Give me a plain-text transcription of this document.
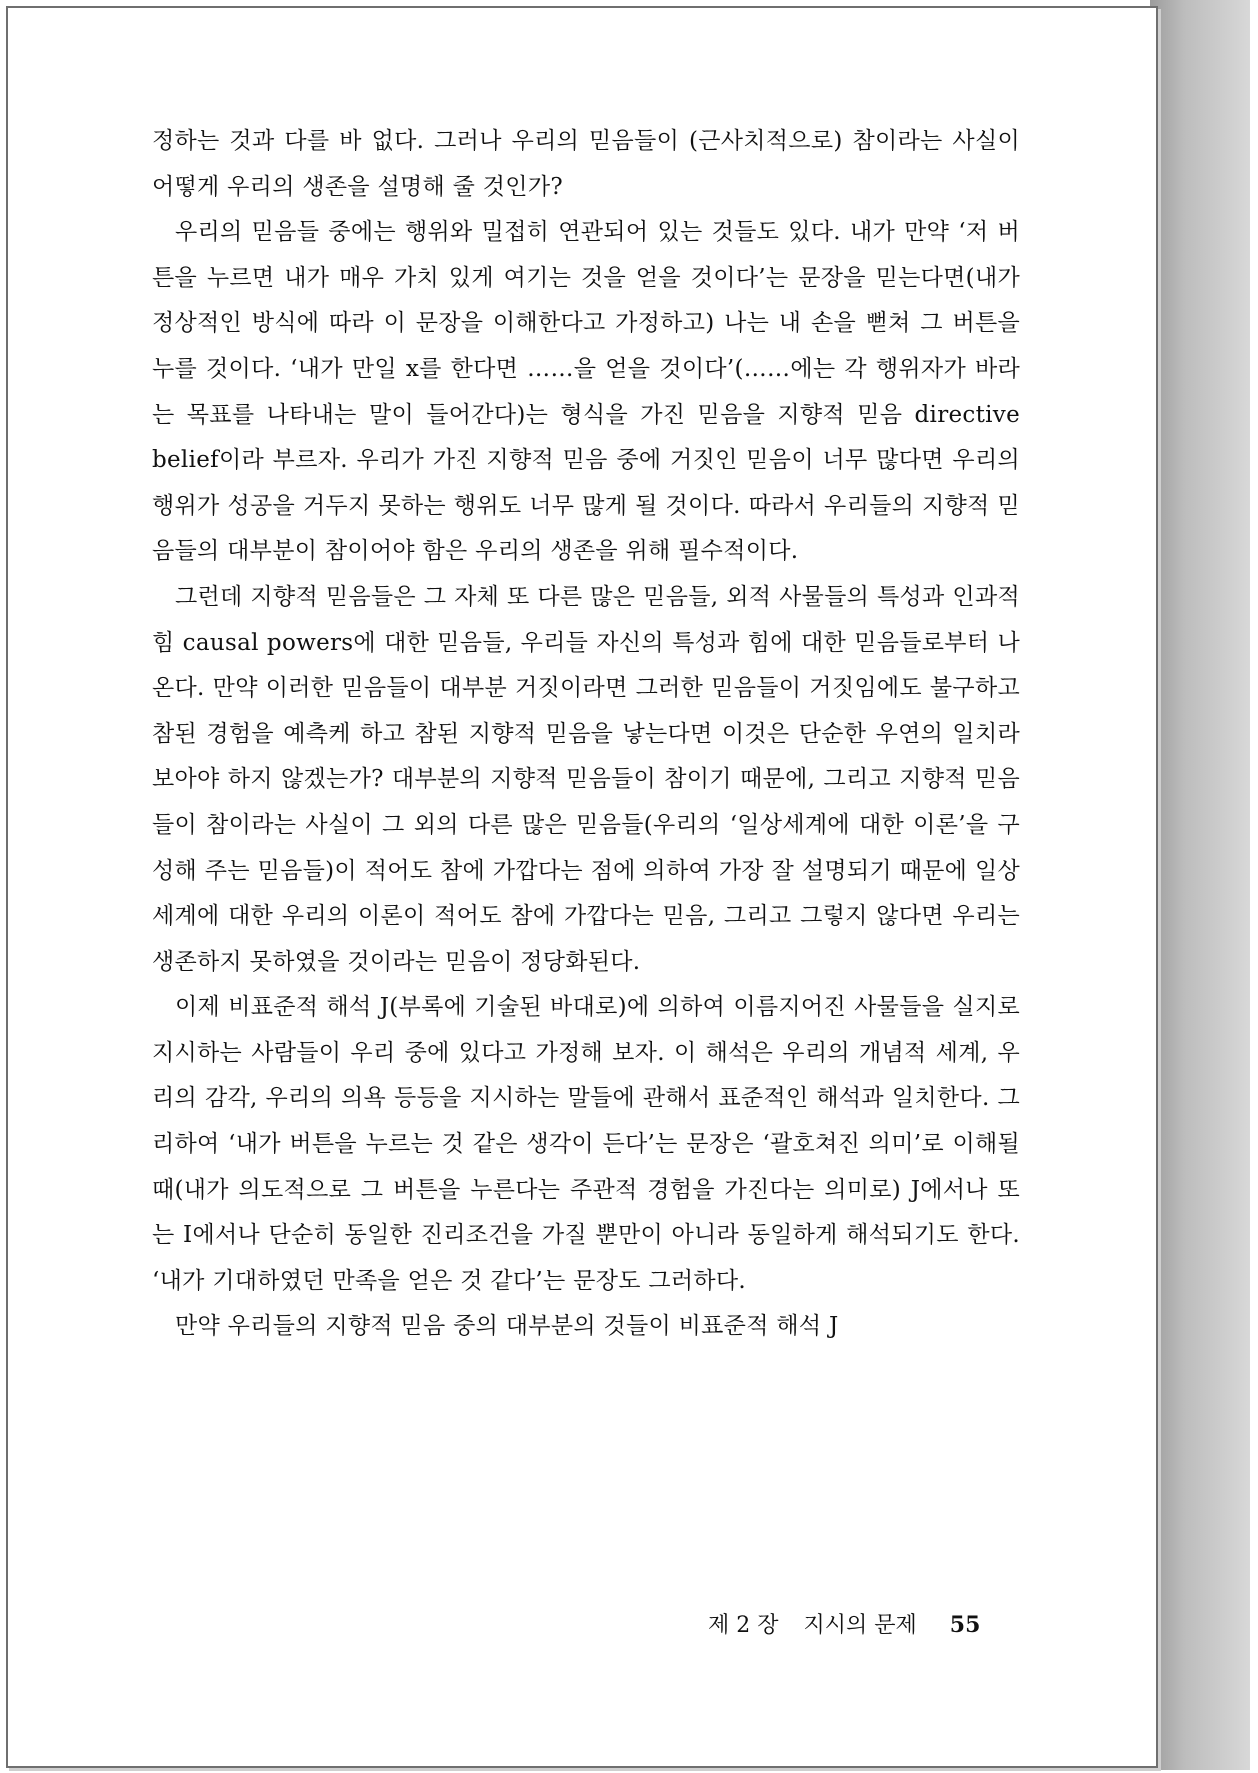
정하는 것과 다를 바 없다. 그러나 우리의 믿음들이 (근사치적으로) 참이라는 사실이 어떻게 우리의 생존을 설명해 줄 것인가?

우리의 믿음들 중에는 행위와 밀접히 연관되어 있는 것들도 있다. 내가 만약 ‘저 버튼을 누르면 내가 매우 가치 있게 여기는 것을 얻을 것이다’는 문장을 믿는다면(내가 정상적인 방식에 따라 이 문장을 이해한다고 가정하고) 나는 내 손을 뻗쳐 그 버튼을 누를 것이다. ‘내가 만일 x를 한다면 ……을 얻을 것이다’(……에는 각 행위자가 바라는 목표를 나타내는 말이 들어간다)는 형식을 가진 믿음을 지향적 믿음 directive belief이라 부르자. 우리가 가진 지향적 믿음 중에 거짓인 믿음이 너무 많다면 우리의 행위가 성공을 거두지 못하는 행위도 너무 많게 될 것이다. 따라서 우리들의 지향적 믿음들의 대부분이 참이어야 함은 우리의 생존을 위해 필수적이다.

그런데 지향적 믿음들은 그 자체 또 다른 많은 믿음들, 외적 사물들의 특성과 인과적 힘 causal powers에 대한 믿음들, 우리들 자신의 특성과 힘에 대한 믿음들로부터 나온다. 만약 이러한 믿음들이 대부분 거짓이라면 그러한 믿음들이 거짓임에도 불구하고 참된 경험을 예측케 하고 참된 지향적 믿음을 낳는다면 이것은 단순한 우연의 일치라 보아야 하지 않겠는가? 대부분의 지향적 믿음들이 참이기 때문에, 그리고 지향적 믿음들이 참이라는 사실이 그 외의 다른 많은 믿음들(우리의 ‘일상세계에 대한 이론’을 구성해 주는 믿음들)이 적어도 참에 가깝다는 점에 의하여 가장 잘 설명되기 때문에 일상세계에 대한 우리의 이론이 적어도 참에 가깝다는 믿음, 그리고 그렇지 않다면 우리는 생존하지 못하였을 것이라는 믿음이 정당화된다.

이제 비표준적 해석 J(부록에 기술된 바대로)에 의하여 이름지어진 사물들을 실지로 지시하는 사람들이 우리 중에 있다고 가정해 보자. 이 해석은 우리의 개념적 세계, 우리의 감각, 우리의 의욕 등등을 지시하는 말들에 관해서 표준적인 해석과 일치한다. 그리하여 ‘내가 버튼을 누르는 것 같은 생각이 든다’는 문장은 ‘괄호쳐진 의미’로 이해될 때(내가 의도적으로 그 버튼을 누른다는 주관적 경험을 가진다는 의미로) J에서나 또는 I에서나 단순히 동일한 진리조건을 가질 뿐만이 아니라 동일하게 해석되기도 한다. ‘내가 기대하였던 만족을 얻은 것 같다’는 문장도 그러하다.

만약 우리들의 지향적 믿음 중의 대부분의 것들이 비표준적 해석 J

제 2 장 지시의 문제 55
